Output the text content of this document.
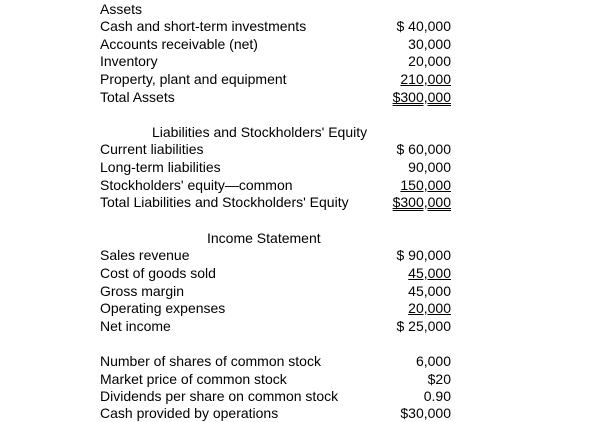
Assets
Cash and short-term investments	$ 40,000
Accounts receivable (net)	30,000
Inventory	20,000
Property, plant and equipment	210,000
Total Assets	$300,000
Liabilities and Stockholders' Equity
Current liabilities	$ 60,000
Long-term liabilities	90,000
Stockholders' equity—common	150,000
Total Liabilities and Stockholders' Equity	$300,000
Income Statement
Sales revenue	$ 90,000
Cost of goods sold	45,000
Gross margin	45,000
Operating expenses	20,000
Net income	$ 25,000
Number of shares of common stock	6,000
Market price of common stock	$20
Dividends per share on common stock	0.90
Cash provided by operations	$30,000
